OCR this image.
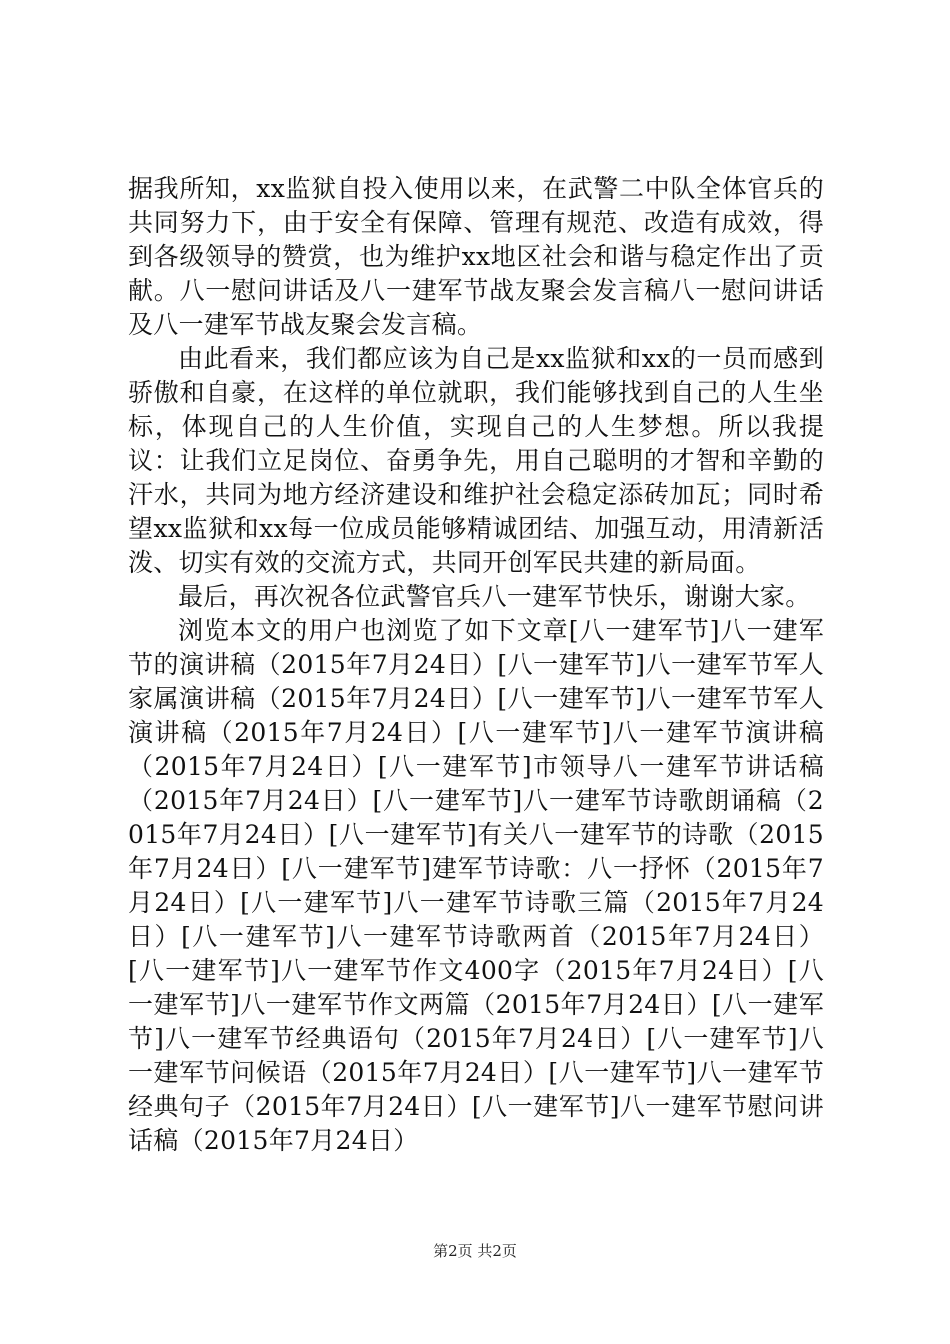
据我所知，xx监狱自投入使用以来，在武警二中队全体官兵的共同努力下，由于安全有保障、管理有规范、改造有成效，得到各级领导的赞赏，也为维护xx地区社会和谐与稳定作出了贡献。八一慰问讲话及八一建军节战友聚会发言稿八一慰问讲话及八一建军节战友聚会发言稿。

由此看来，我们都应该为自己是xx监狱和xx的一员而感到骄傲和自豪，在这样的单位就职，我们能够找到自己的人生坐标，体现自己的人生价值，实现自己的人生梦想。所以我提议：让我们立足岗位、奋勇争先，用自己聪明的才智和辛勤的汗水，共同为地方经济建设和维护社会稳定添砖加瓦；同时希望xx监狱和xx每一位成员能够精诚团结、加强互动，用清新活泼、切实有效的交流方式，共同开创军民共建的新局面。

最后，再次祝各位武警官兵八一建军节快乐，谢谢大家。

浏览本文的用户也浏览了如下文章[八一建军节]八一建军节的演讲稿（2015年7月24日）[八一建军节]八一建军节军人家属演讲稿（2015年7月24日）[八一建军节]八一建军节军人演讲稿（2015年7月24日）[八一建军节]八一建军节演讲稿（2015年7月24日）[八一建军节]市领导八一建军节讲话稿（2015年7月24日）[八一建军节]八一建军节诗歌朗诵稿（2015年7月24日）[八一建军节]有关八一建军节的诗歌（2015年7月24日）[八一建军节]建军节诗歌：八一抒怀（2015年7月24日）[八一建军节]八一建军节诗歌三篇（2015年7月24日）[八一建军节]八一建军节诗歌两首（2015年7月24日）[八一建军节]八一建军节作文400字（2015年7月24日）[八一建军节]八一建军节作文两篇（2015年7月24日）[八一建军节]八一建军节经典语句（2015年7月24日）[八一建军节]八一建军节问候语（2015年7月24日）[八一建军节]八一建军节经典句子（2015年7月24日）[八一建军节]八一建军节慰问讲话稿（2015年7月24日）

第2页 共2页
